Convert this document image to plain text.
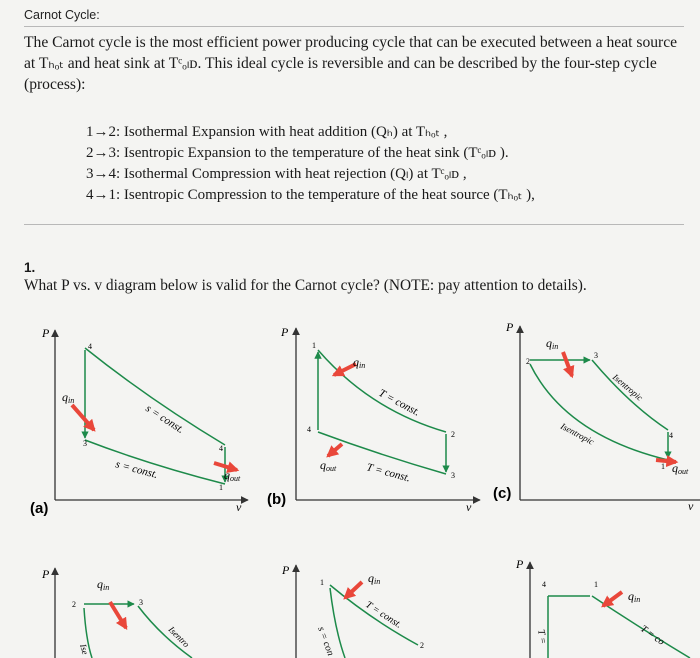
Carnot Cycle:
The Carnot cycle is the most efficient power producing cycle that can be executed between a heat source at Tₕₒₜ and heat sink at Tᶜₒₗᴅ. This ideal cycle is reversible and can be described by the four-step cycle (process):
1→2: Isothermal Expansion with heat addition (Qₕ) at Tₕₒₜ ,
2→3: Isentropic Expansion to the temperature of the heat sink (Tᶜₒₗᴅ ).
3→4: Isothermal Compression with heat rejection (Qₗ) at Tᶜₒₗᴅ ,
4→1: Isentropic Compression to the temperature of the heat source (Tₕₒₜ ),
1.
What P vs. v diagram below is valid for the Carnot cycle? (NOTE: pay attention to details).
P
v
qin
qout
s = const.
s = const.
4
3
4
1
(a)
P
v
qin
qout
T = const.
T = const.
1
2
3
4
(b)
P
v
qin
qout
Isentropic
Isentropic
2
3
4
1
(c)
P
qin
2	3
Isentro
Ise
P
qin
1
2
T = const.
s = con
P
qin
4	1
T = co
T =
